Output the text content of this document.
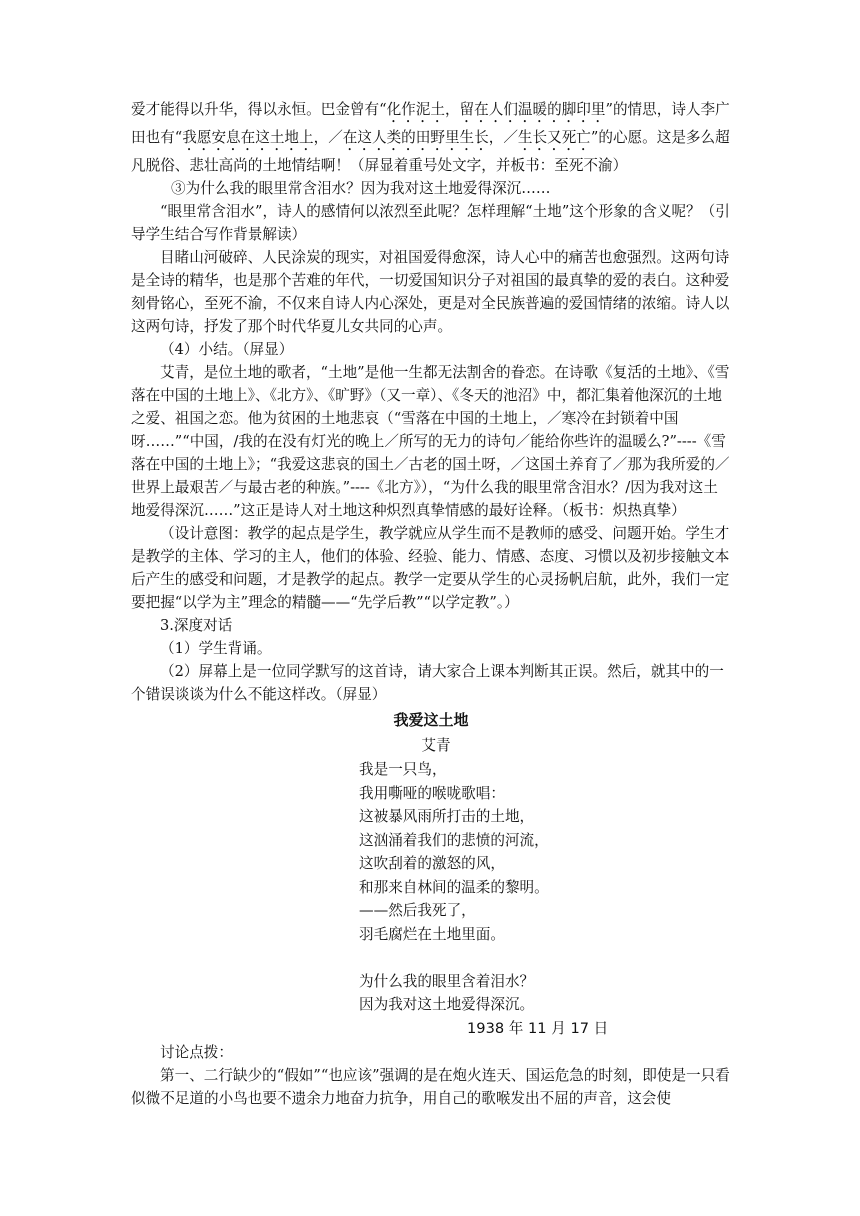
爱才能得以升华，得以永恒。巴金曾有“化作泥土，留在人们温暖的脚印里”的情思，诗人李广田也有“我愿安息在这土地上，／在这人类的田野里生长，／生长又死亡”的心愿。这是多么超凡脱俗、悲壮高尚的土地情结啊！（屏显着重号处文字，并板书：至死不渝）

③为什么我的眼里常含泪水？因为我对这土地爱得深沉……

“眼里常含泪水”，诗人的感情何以浓烈至此呢？怎样理解“土地”这个形象的含义呢？（引导学生结合写作背景解读）

目睹山河破碎、人民涂炭的现实，对祖国爱得愈深，诗人心中的痛苦也愈强烈。这两句诗是全诗的精华，也是那个苦难的年代，一切爱国知识分子对祖国的最真挚的爱的表白。这种爱刻骨铭心，至死不渝，不仅来自诗人内心深处，更是对全民族普遍的爱国情绪的浓缩。诗人以这两句诗，抒发了那个时代华夏儿女共同的心声。

（4）小结。（屏显）

艾青，是位土地的歌者，“土地”是他一生都无法割舍的眷恋。在诗歌《复活的土地》、《雪落在中国的土地上》、《北方》、《旷野》（又一章）、《冬天的池沼》中，都汇集着他深沉的土地之爱、祖国之恋。他为贫困的土地悲哀（“雪落在中国的土地上，／寒冷在封锁着中国呀……”“中国，/我的在没有灯光的晚上／所写的无力的诗句／能给你些许的温暖么?”----《雪落在中国的土地上》；“我爱这悲哀的国土／古老的国土呀，／这国土养育了／那为我所爱的／世界上最艰苦／与最古老的种族。”----《北方》），“为什么我的眼里常含泪水？/因为我对这土地爱得深沉……”这正是诗人对土地这种炽烈真挚情感的最好诠释。（板书：炽热真挚）

（设计意图：教学的起点是学生，教学就应从学生而不是教师的感受、问题开始。学生才是教学的主体、学习的主人，他们的体验、经验、能力、情感、态度、习惯以及初步接触文本后产生的感受和问题，才是教学的起点。教学一定要从学生的心灵扬帆启航，此外，我们一定要把握“以学为主”理念的精髓——“先学后教”“以学定教”。）

3.深度对话

（1）学生背诵。

（2）屏幕上是一位同学默写的这首诗，请大家合上课本判断其正误。然后，就其中的一个错误谈谈为什么不能这样改。（屏显）

我爱这土地
艾青
我是一只鸟，
我用嘶哑的喉咙歌唱：
这被暴风雨所打击的土地，
这汹涌着我们的悲愤的河流，
这吹刮着的激怒的风，
和那来自林间的温柔的黎明。
——然后我死了，
羽毛腐烂在土地里面。
为什么我的眼里含着泪水？
因为我对这土地爱得深沉。
1938 年 11 月 17 日

讨论点拨：

第一、二行缺少的“假如”“也应该”强调的是在炮火连天、国运危急的时刻，即使是一只看似微不足道的小鸟也要不遗余力地奋力抗争，用自己的歌喉发出不屈的声音，这会使
